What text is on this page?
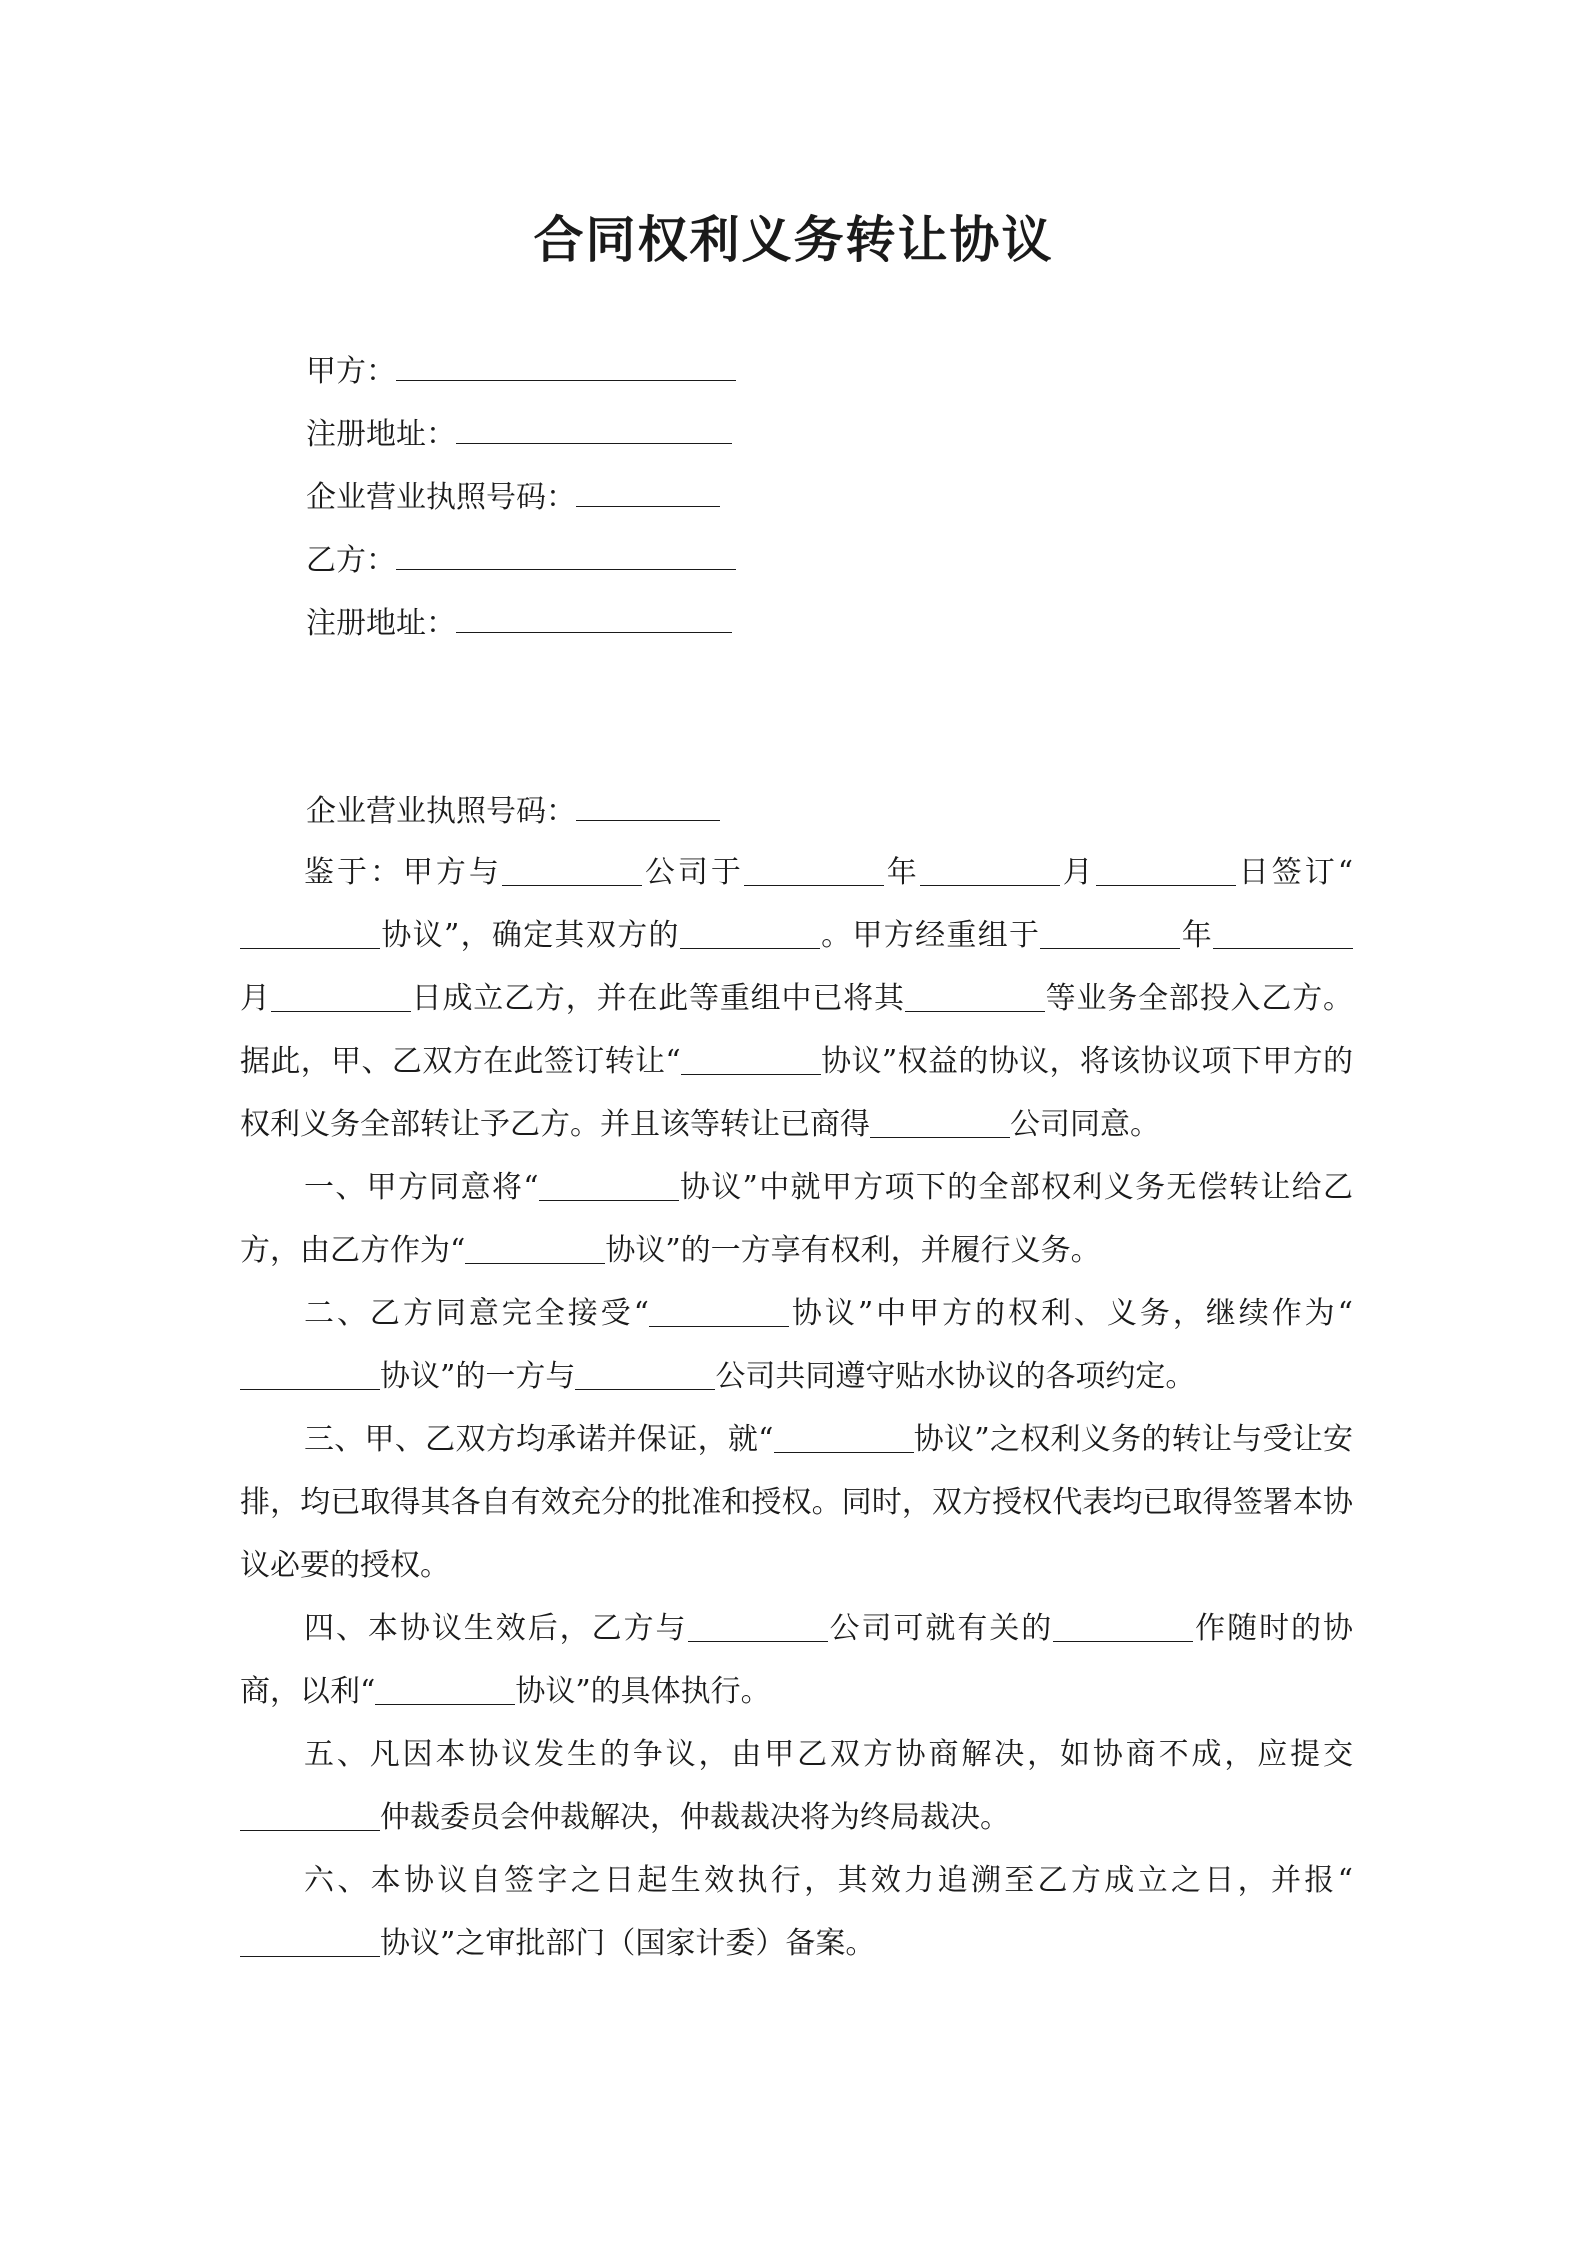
合同权利义务转让协议
甲方：
注册地址：
企业营业执照号码：
乙方：
注册地址：
企业营业执照号码：

鉴于：甲方与	公司于	年	月	日签订“协议”，确定其双方的	。甲方经重组于	年月	日成立乙方，并在此等重组中已将其	等业务全部投入乙方。据此，甲、乙双方在此签订转让“	协议”权益的协议，将该协议项下甲方的权利义务全部转让予乙方。并且该等转让已商得	公司同意。

一、甲方同意将“	协议”中就甲方项下的全部权利义务无偿转让给乙方，由乙方作为“	协议”的一方享有权利，并履行义务。

二、乙方同意完全接受“	协议”中甲方的权利、义务，继续作为“协议”的一方与	公司共同遵守贴水协议的各项约定。

三、甲、乙双方均承诺并保证，就“	协议”之权利义务的转让与受让安排，均已取得其各自有效充分的批准和授权。同时，双方授权代表均已取得签署本协议必要的授权。

四、本协议生效后，乙方与	公司可就有关的	作随时的协商，以利“	协议”的具体执行。

五、凡因本协议发生的争议，由甲乙双方协商解决，如协商不成，应提交仲裁委员会仲裁解决，仲裁裁决将为终局裁决。

六、本协议自签字之日起生效执行，其效力追溯至乙方成立之日，并报“协议”之审批部门（国家计委）备案。
